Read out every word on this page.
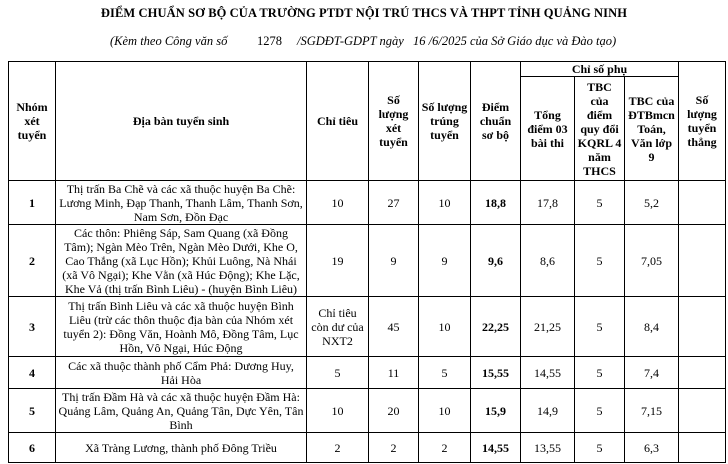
ĐIỂM CHUẨN SƠ BỘ CỦA TRƯỜNG PTDT NỘI TRÚ THCS VÀ THPT TỈNH QUẢNG NINH
(Kèm theo Công văn số 1278 /SGDĐT-GDPT ngày 16 /6/2025 của Sở Giáo dục và Đào tạo)
Nhóm xét tuyển	Địa bàn tuyển sinh	Chỉ tiêu	Số lượng xét tuyển	Số lượng trúng tuyển	Điểm chuẩn sơ bộ	Chỉ số phụ			Số lượng tuyển thẳng
						Tổng điểm 03 bài thi	TBC của điểm quy đổi KQRL 4 năm THCS	TBC của ĐTBmcn Toán, Văn lớp 9	
1	Thị trấn Ba Chẽ và các xã thuộc huyện Ba Chẽ: Lương Minh, Đạp Thanh, Thanh Lâm, Thanh Sơn, Nam Sơn, Đồn Đạc	10	27	10	18,8	17,8	5	5,2	
2	Các thôn: Phiêng Sáp, Sam Quang (xã Đồng Tâm); Ngàn Mèo Trên, Ngàn Mèo Dưới, Khe O, Cao Thắng (xã Lục Hồn); Khủi Luông, Nà Nhái (xã Vô Ngại); Khe Vằn (xã Húc Động); Khe Lặc, Khe Vả (thị trấn Bình Liêu) - (huyện Bình Liêu)	19	9	9	9,6	8,6	5	7,05	
3	Thị trấn Bình Liêu và các xã thuộc huyện Bình Liêu (trừ các thôn thuộc địa bàn của Nhóm xét tuyển 2): Đồng Văn, Hoành Mô, Đồng Tâm, Lục Hồn, Vô Ngại, Húc Động	Chỉ tiêu còn dư của NXT2	45	10	22,25	21,25	5	8,4	
4	Các xã thuộc thành phố Cẩm Phả: Dương Huy, Hải Hòa	5	11	5	15,55	14,55	5	7,4	
5	Thị trấn Đầm Hà và các xã thuộc huyện Đầm Hà: Quảng Lâm, Quảng An, Quảng Tân, Dực Yên, Tân Bình	10	20	10	15,9	14,9	5	7,15	
6	Xã Tràng Lương, thành phố Đông Triều	2	2	2	14,55	13,55	5	6,3	
